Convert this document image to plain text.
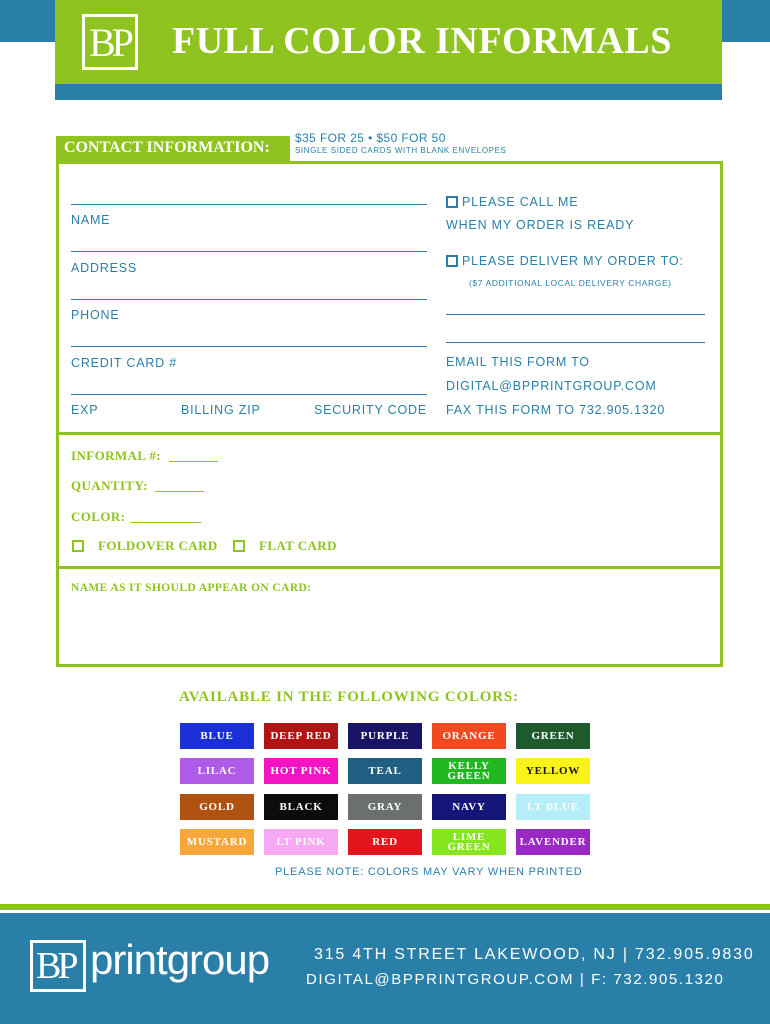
BP FULL COLOR INFORMALS
CONTACT INFORMATION:
$35 FOR 25 • $50 FOR 50
SINGLE SIDED CARDS WITH BLANK ENVELOPES
NAME
ADDRESS
PHONE
CREDIT CARD #
EXP	BILLING ZIP	SECURITY CODE
PLEASE CALL ME
WHEN MY ORDER IS READY
PLEASE DELIVER MY ORDER TO:
($7 ADDITIONAL LOCAL DELIVERY CHARGE)
EMAIL THIS FORM TO
DIGITAL@BPPRINTGROUP.COM
FAX THIS FORM TO 732.905.1320
INFORMAL #:
QUANTITY:
COLOR:
FOLDOVER CARD	FLAT CARD
NAME AS IT SHOULD APPEAR ON CARD:
AVAILABLE IN THE FOLLOWING COLORS:
BLUE	DEEP RED	PURPLE	ORANGE	GREEN
LILAC	HOT PINK	TEAL	KELLY GREEN	YELLOW
GOLD	BLACK	GRAY	NAVY	LT BLUE
MUSTARD	LT PINK	RED	LIME GREEN	LAVENDER
PLEASE NOTE: COLORS MAY VARY WHEN PRINTED
BP printgroup	315 4TH STREET LAKEWOOD, NJ | 732.905.9830
DIGITAL@BPPRINTGROUP.COM | F: 732.905.1320
